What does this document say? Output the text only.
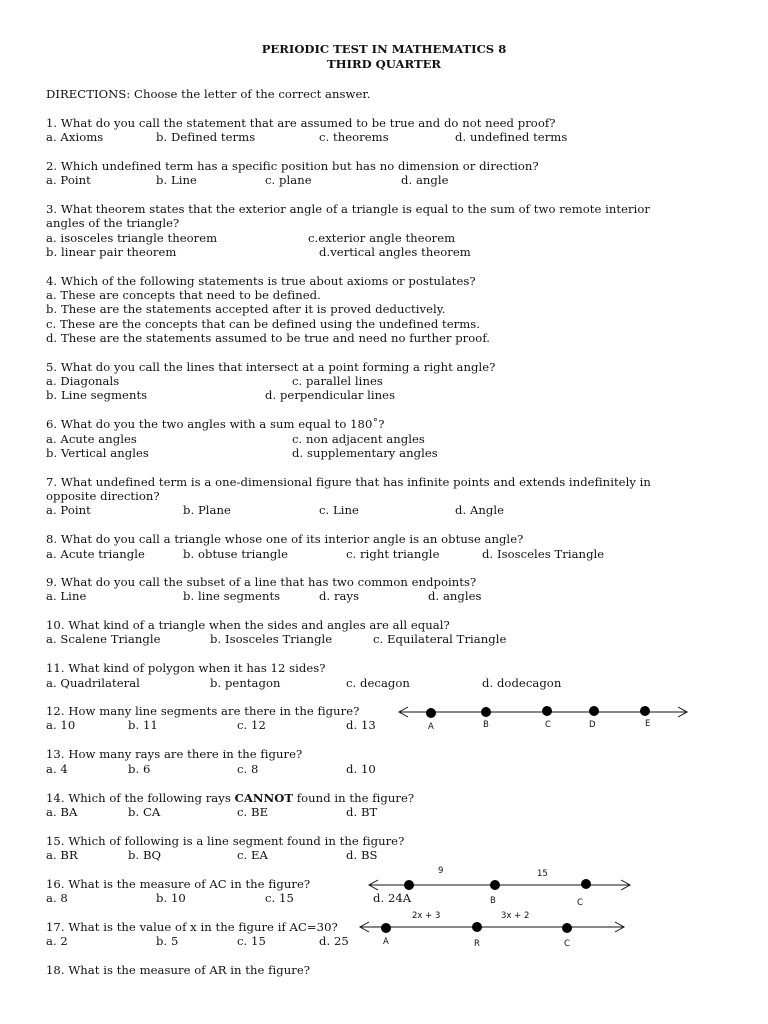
PERIODIC TEST IN MATHEMATICS 8
THIRD QUARTER
DIRECTIONS: Choose the letter of the correct answer.
1. What do you call the statement that are assumed to be true and do not need proof?
a. Axioms	b. Defined terms	c. theorems	d. undefined terms
2. Which undefined term has a specific position but has no dimension or direction?
a. Point	b. Line	c. plane	d. angle
3. What theorem states that the exterior angle of a triangle is equal to the sum of two remote interior
angles of the triangle?
a. isosceles triangle theorem	c.exterior angle theorem
b. linear pair theorem	d.vertical angles theorem
4. Which of the following statements is true about axioms or postulates?
a. These are concepts that need to be defined.
b. These are the statements accepted after it is proved deductively.
c. These are the concepts that can be defined using the undefined terms.
d. These are the statements assumed to be true and need no further proof.
5. What do you call the lines that intersect at a point forming a right angle?
a. Diagonals	c. parallel lines
b. Line segments	d. perpendicular lines
6. What do you the two angles with a sum equal to 180˚?
a. Acute angles	c. non adjacent angles
b. Vertical angles	d. supplementary angles
7. What undefined term is a one-dimensional figure that has infinite points and extends indefinitely in
opposite direction?
a. Point	b. Plane	c. Line	d. Angle
8. What do you call a triangle whose one of its interior angle is an obtuse angle?
a. Acute triangle	b. obtuse triangle	c. right triangle	d. Isosceles Triangle
9. What do you call the subset of a line that has two common endpoints?
a. Line	b. line segments	d. rays	d. angles
10. What kind of a triangle when the sides and angles are all equal?
a. Scalene Triangle	b. Isosceles Triangle	c. Equilateral Triangle
11. What kind of polygon when it has 12 sides?
a. Quadrilateral	b. pentagon	c. decagon	d. dodecagon
12. How many line segments are there in the figure?
a. 10	b. 11	c. 12	d. 13	A	B	C	D	E
13. How many rays are there in the figure?
a. 4	b. 6	c. 8	d. 10
14. Which of the following rays CANNOT found in the figure?
a. BA	b. CA	c. BE	d. BT
15. Which of following is a line segment found in the figure?
a. BR	b. BQ	c. EA	d. BS
16. What is the measure of AC in the figure?
a. 8	b. 10	c. 15	d. 24A
9	15
B	C
17. What is the value of x in the figure if AC=30?
a. 2	b. 5	c. 15	d. 25
2x + 3	3x + 2
A	R	C
18. What is the measure of AR in the figure?
